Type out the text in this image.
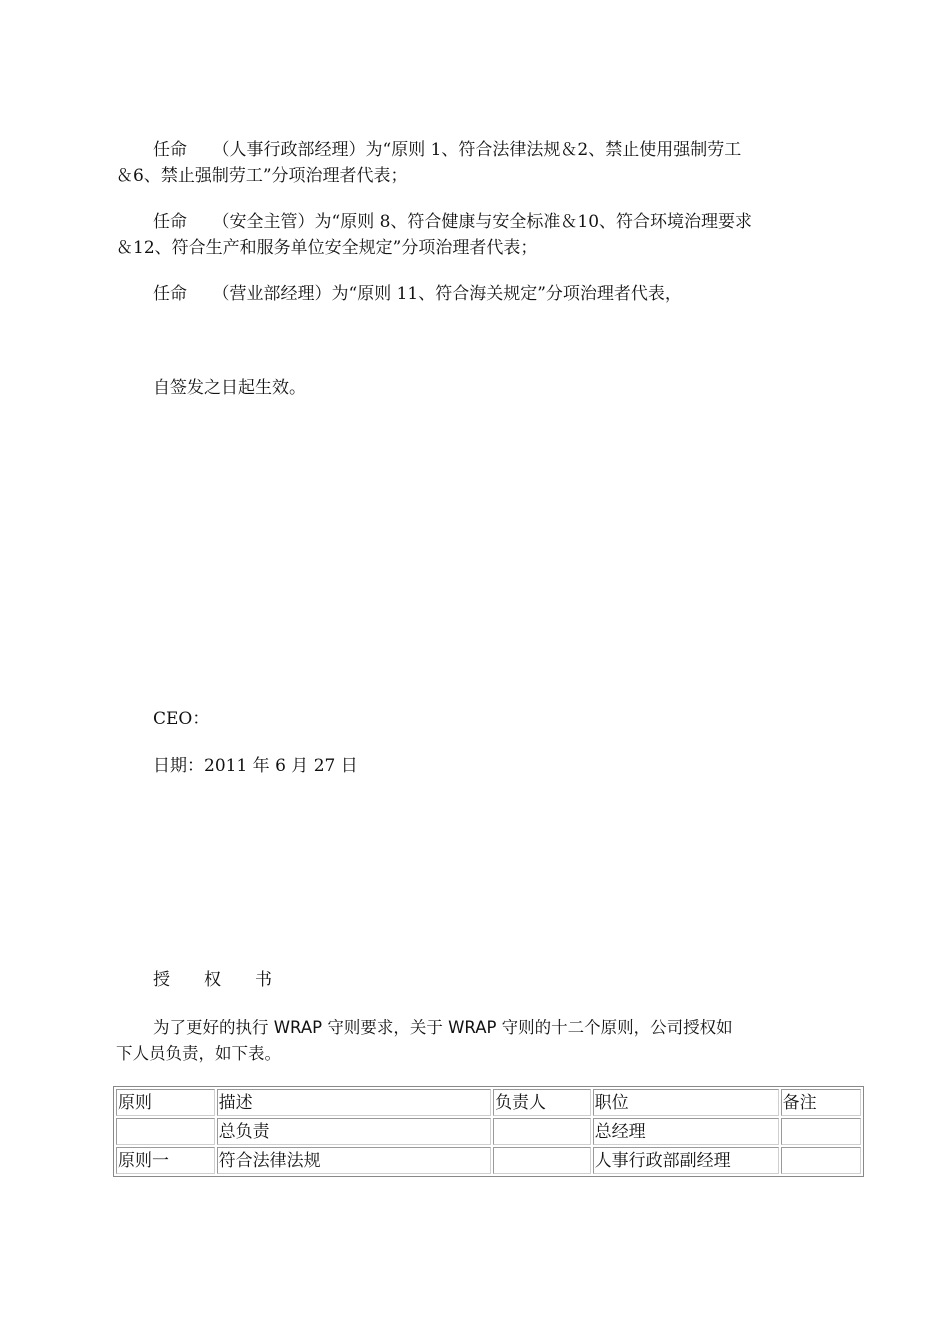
任命　　（人事行政部经理）为“原则 1、符合法律法规＆2、禁止使用强制劳工

＆6、禁止强制劳工”分项治理者代表；

任命　　（安全主管）为“原则 8、符合健康与安全标准＆10、符合环境治理要求

＆12、符合生产和服务单位安全规定”分项治理者代表；

任命　　（营业部经理）为“原则 11、符合海关规定”分项治理者代表，

自签发之日起生效。

CEO：

日期：2011 年 6 月 27 日

授　　权　　书

为了更好的执行 WRAP 守则要求，关于 WRAP 守则的十二个原则，公司授权如

下人员负责，如下表。

原则	描述	负责人	职位	备注
	总负责		总经理	
原则一	符合法律法规		人事行政部副经理	
